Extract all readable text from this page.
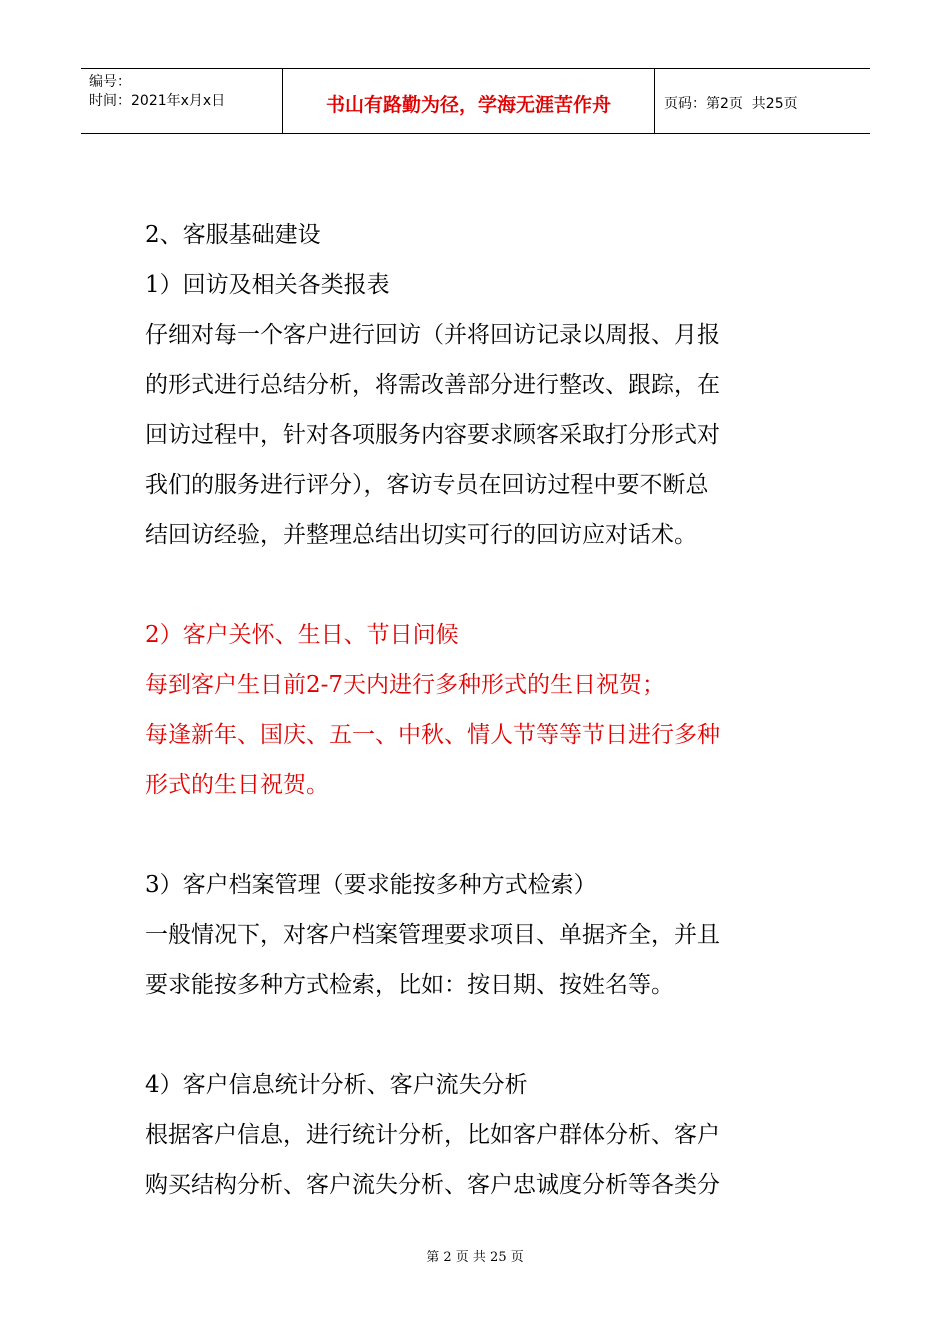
编号：
时间：2021年x月x日	书山有路勤为径，学海无涯苦作舟	页码：第2页  共25页
2、客服基础建设
1）回访及相关各类报表
仔细对每一个客户进行回访（并将回访记录以周报、月报
的形式进行总结分析，将需改善部分进行整改、跟踪，在
回访过程中，针对各项服务内容要求顾客采取打分形式对
我们的服务进行评分），客访专员在回访过程中要不断总
结回访经验，并整理总结出切实可行的回访应对话术。
2）客户关怀、生日、节日问候
每到客户生日前2-7天内进行多种形式的生日祝贺；
每逢新年、国庆、五一、中秋、情人节等等节日进行多种
形式的生日祝贺。
3）客户档案管理（要求能按多种方式检索）
一般情况下，对客户档案管理要求项目、单据齐全，并且
要求能按多种方式检索，比如：按日期、按姓名等。
4）客户信息统计分析、客户流失分析
根据客户信息，进行统计分析，比如客户群体分析、客户
购买结构分析、客户流失分析、客户忠诚度分析等各类分
第 2 页 共 25 页
